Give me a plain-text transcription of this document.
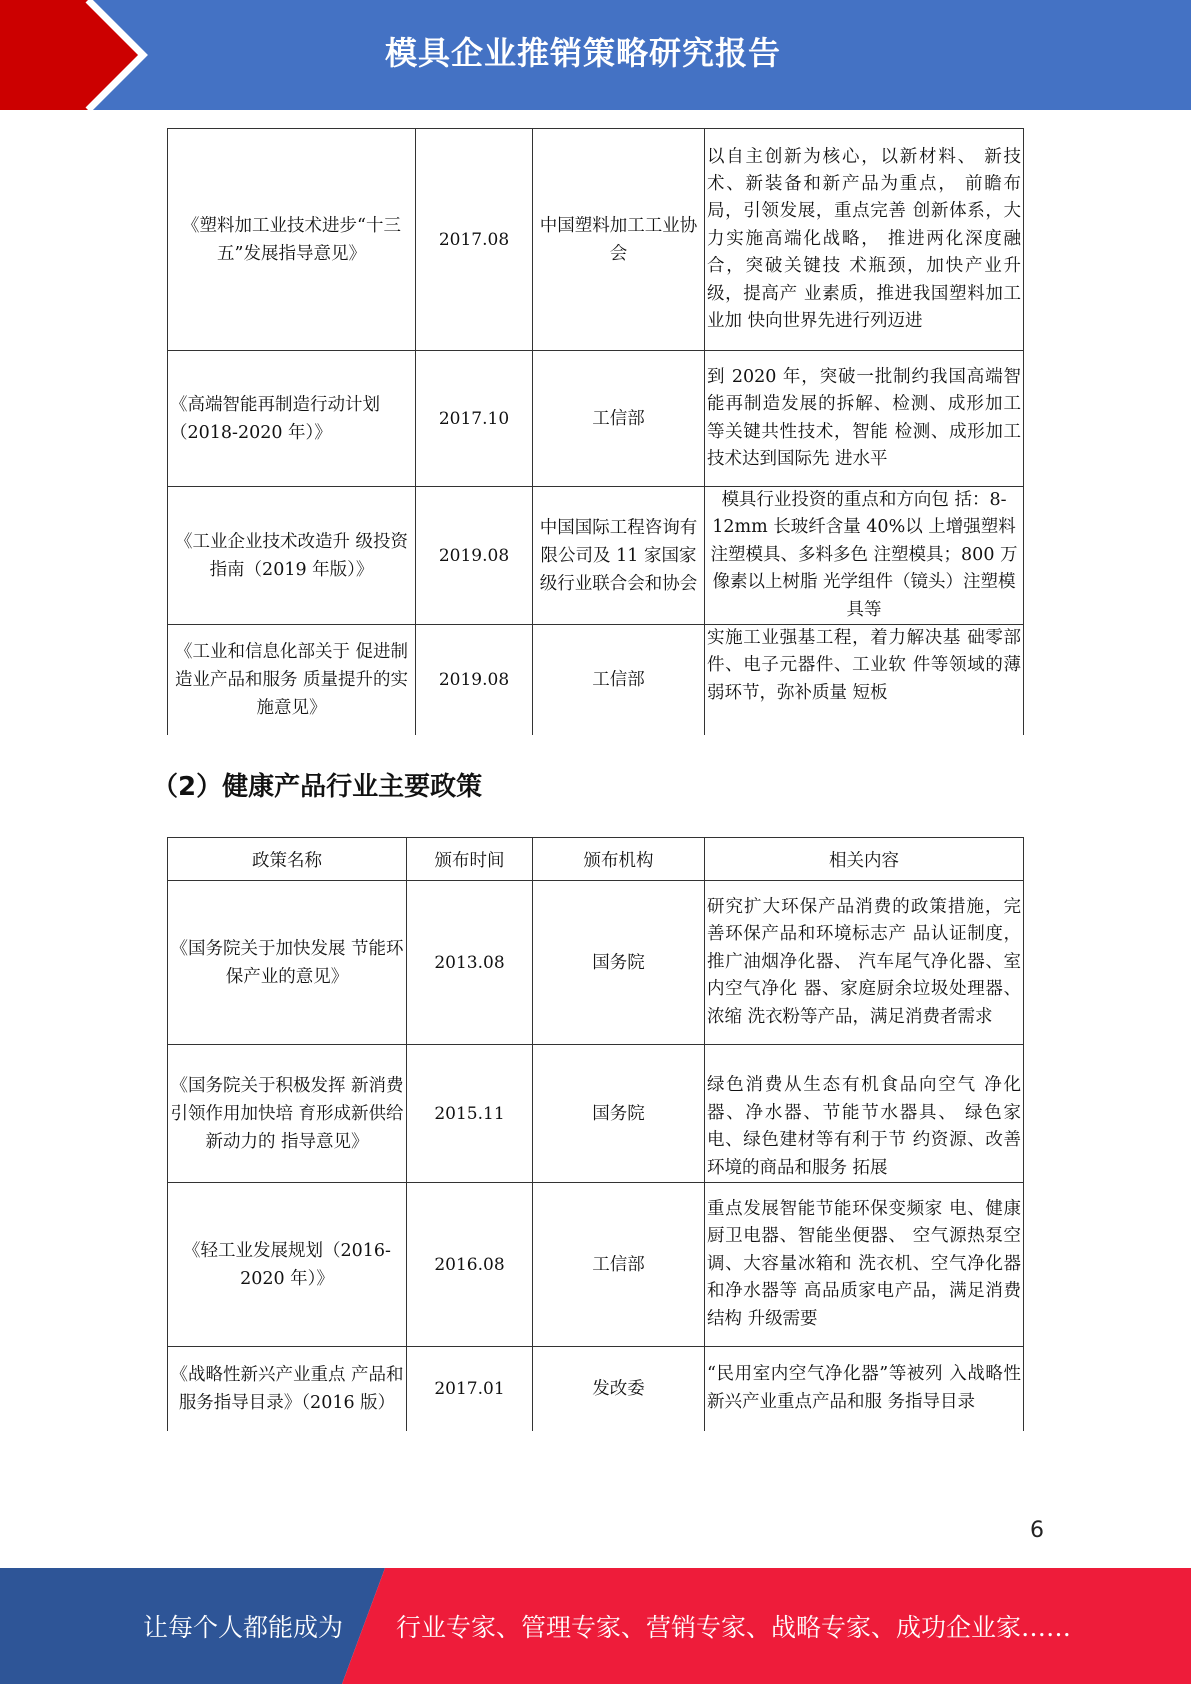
模具企业推销策略研究报告
《塑料加工业技术进步“十三五”发展指导意见》	2017.08	中国塑料加工工业协会	以自主创新为核心，以新材料、 新技术、新装备和新产品为重点， 前瞻布局，引领发展，重点完善 创新体系，大力实施高端化战略， 推进两化深度融合，突破关键技 术瓶颈，加快产业升级，提高产 业素质，推进我国塑料加工业加 快向世界先进行列迈进
《高端智能再制造行动计划（2018-2020 年）》	2017.10	工信部	到 2020 年，突破一批制约我国高端智能再制造发展的拆解、检测、成形加工等关键共性技术，智能 检测、成形加工技术达到国际先 进水平
《工业企业技术改造升 级投资指南（2019 年版）》	2019.08	中国国际工程咨询有限公司及 11 家国家级行业联合会和协会	模具行业投资的重点和方向包 括：8-12mm 长玻纤含量 40%以 上增强塑料注塑模具、多料多色 注塑模具；800 万像素以上树脂 光学组件（镜头）注塑模具等
《工业和信息化部关于 促进制造业产品和服务 质量提升的实施意见》	2019.08	工信部	实施工业强基工程，着力解决基 础零部件、电子元器件、工业软 件等领域的薄弱环节，弥补质量 短板
（2）健康产品行业主要政策
政策名称	颁布时间	颁布机构	相关内容
《国务院关于加快发展 节能环保产业的意见》	2013.08	国务院	研究扩大环保产品消费的政策措施，完善环保产品和环境标志产 品认证制度，推广油烟净化器、 汽车尾气净化器、室内空气净化 器、家庭厨余垃圾处理器、浓缩 洗衣粉等产品，满足消费者需求
《国务院关于积极发挥 新消费引领作用加快培 育形成新供给新动力的 指导意见》	2015.11	国务院	绿色消费从生态有机食品向空气 净化器、净水器、节能节水器具、 绿色家电、绿色建材等有利于节 约资源、改善环境的商品和服务 拓展
《轻工业发展规划（2016-2020 年）》	2016.08	工信部	重点发展智能节能环保变频家 电、健康厨卫电器、智能坐便器、 空气源热泵空调、大容量冰箱和 洗衣机、空气净化器和净水器等 高品质家电产品，满足消费结构 升级需要
《战略性新兴产业重点 产品和服务指导目录》（2016 版）	2017.01	发改委	“民用室内空气净化器”等被列 入战略性新兴产业重点产品和服 务指导目录
6
让每个人都能成为 行业专家、管理专家、营销专家、战略专家、成功企业家……
